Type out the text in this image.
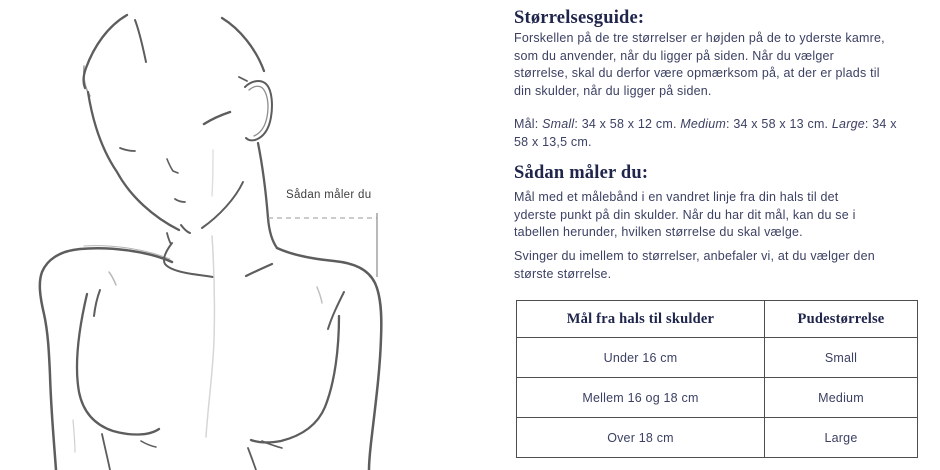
Sådan måler du
Størrelsesguide:
Forskellen på de tre størrelser er højden på de to yderste kamre,
som du anvender, når du ligger på siden. Når du vælger
størrelse, skal du derfor være opmærksom på, at der er plads til
din skulder, når du ligger på siden.
Mål: Small: 34 x 58 x 12 cm. Medium: 34 x 58 x 13 cm. Large: 34 x
58 x 13,5 cm.
Sådan måler du:
Mål med et målebånd i en vandret linje fra din hals til det
yderste punkt på din skulder. Når du har dit mål, kan du se i
tabellen herunder, hvilken størrelse du skal vælge.
Svinger du imellem to størrelser, anbefaler vi, at du vælger den
største størrelse.
Mål fra hals til skulder	Pudestørrelse
Under 16 cm	Small
Mellem 16 og 18 cm	Medium
Over 18 cm	Large
